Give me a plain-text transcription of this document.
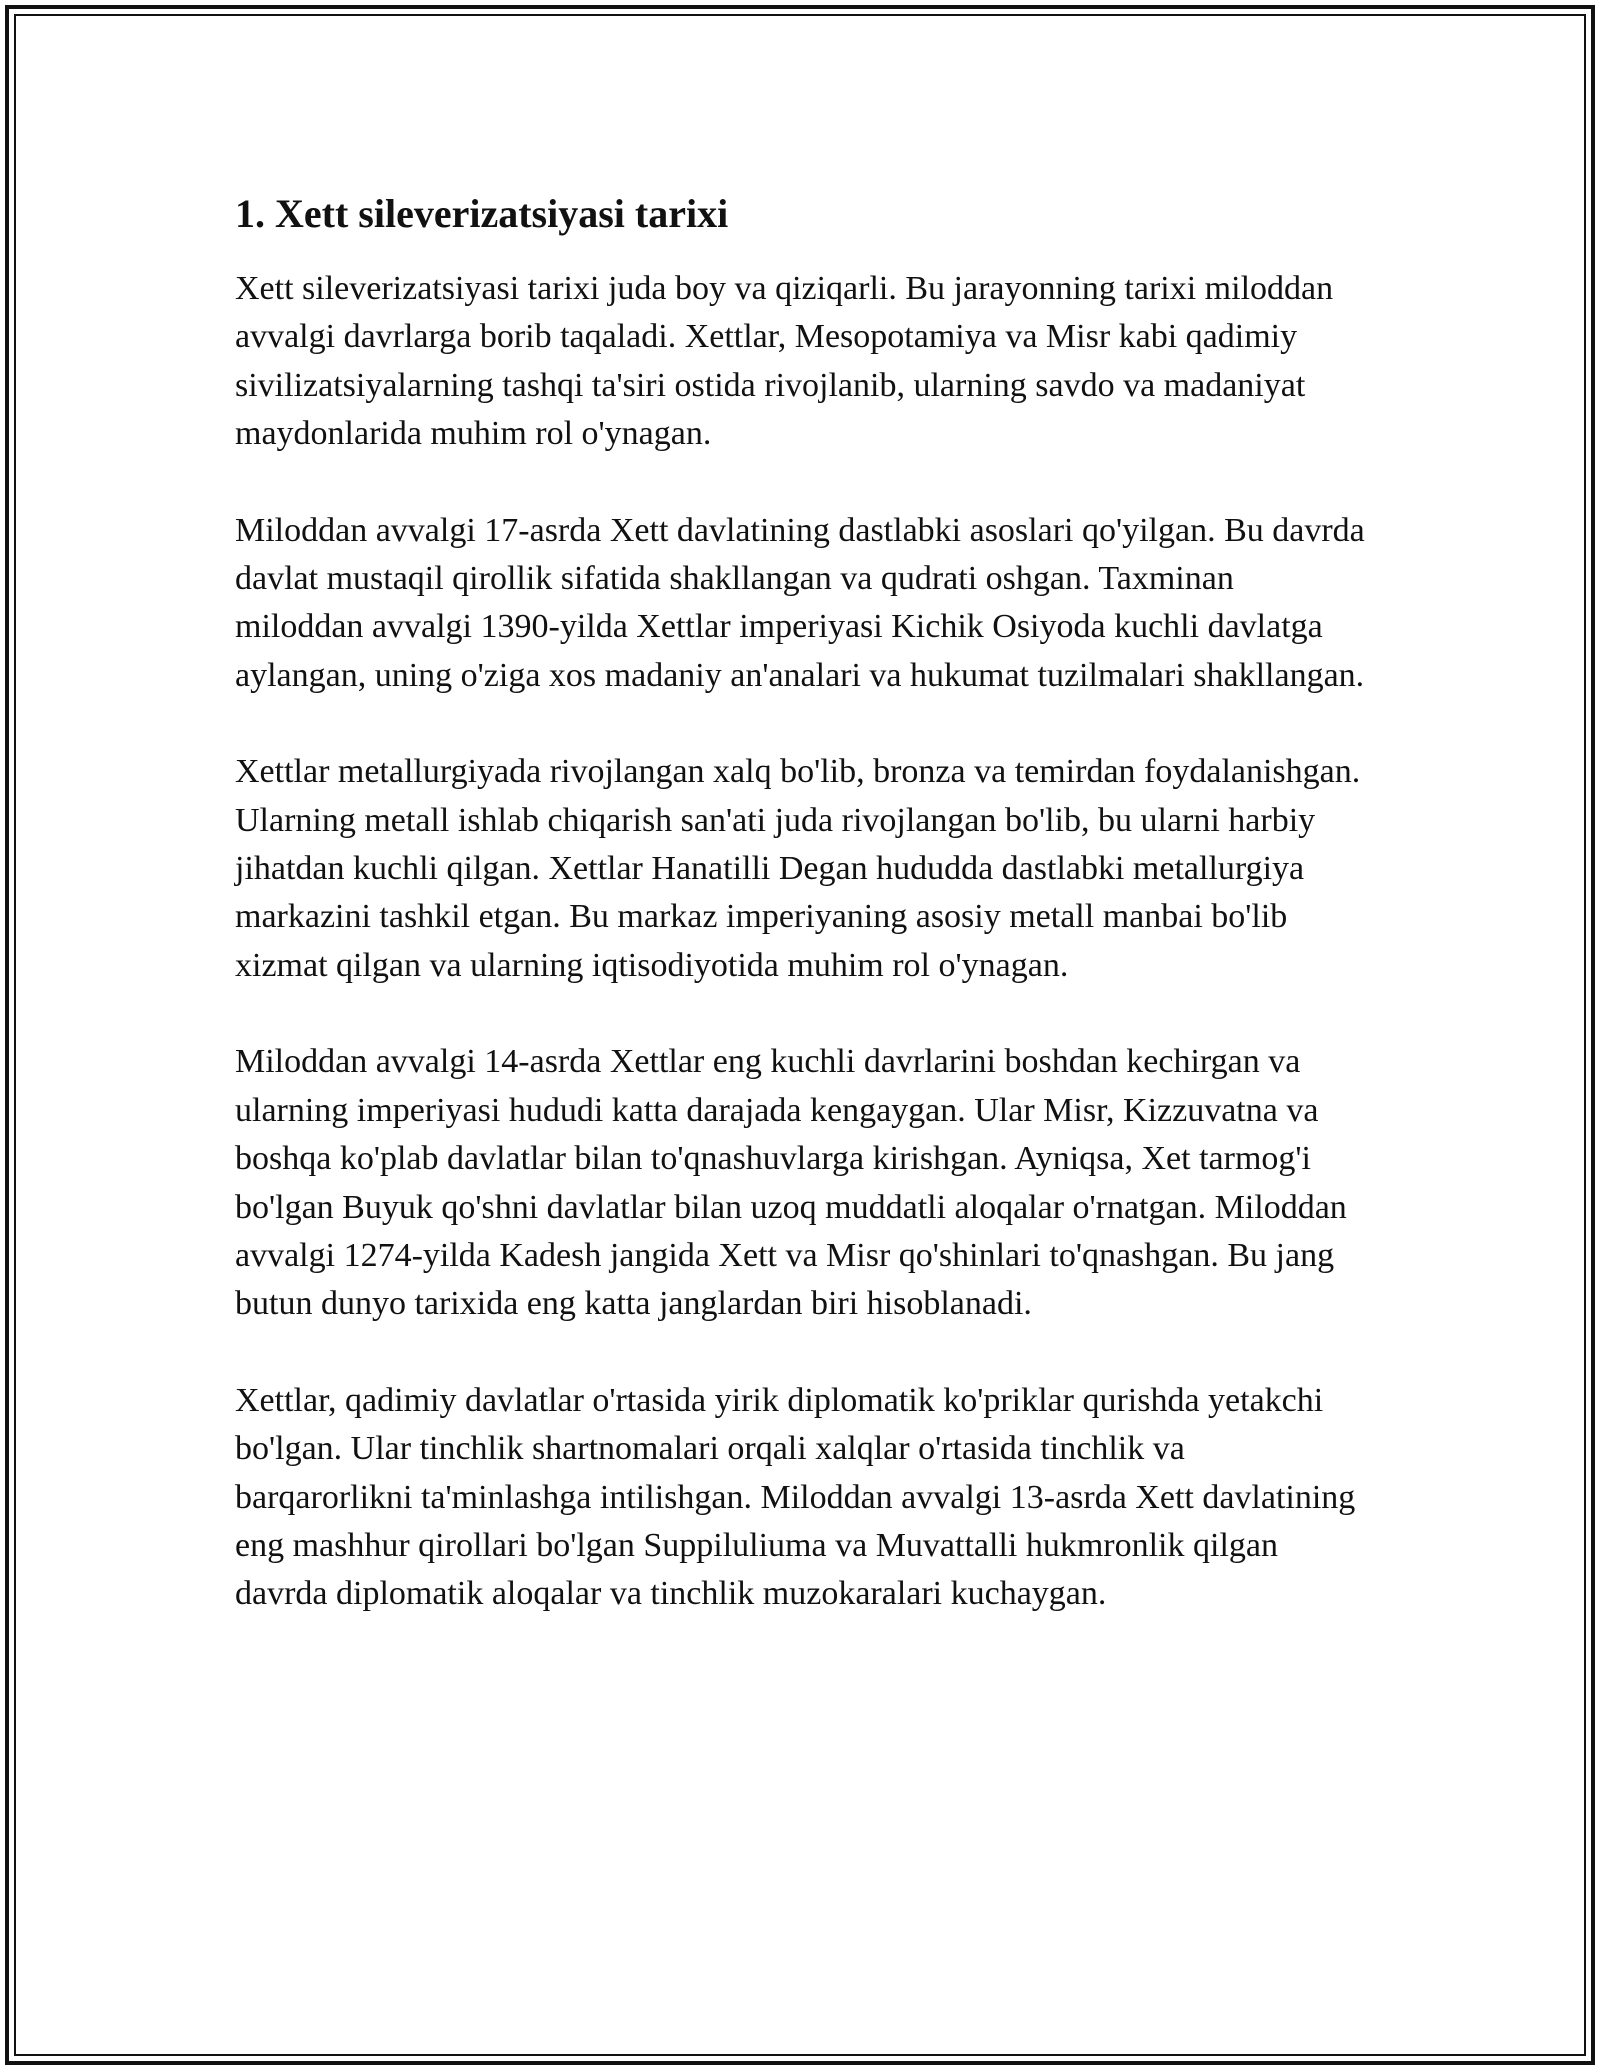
1. Xett sileverizatsiyasi tarixi

Xett sileverizatsiyasi tarixi juda boy va qiziqarli. Bu jarayonning tarixi miloddan avvalgi davrlarga borib taqaladi. Xettlar, Mesopotamiya va Misr kabi qadimiy sivilizatsiyalarning tashqi ta'siri ostida rivojlanib, ularning savdo va madaniyat maydonlarida muhim rol o'ynagan.

Miloddan avvalgi 17-asrda Xett davlatining dastlabki asoslari qo'yilgan. Bu davrda davlat mustaqil qirollik sifatida shakllangan va qudrati oshgan. Taxminan miloddan avvalgi 1390-yilda Xettlar imperiyasi Kichik Osiyoda kuchli davlatga aylangan, uning o'ziga xos madaniy an'analari va hukumat tuzilmalari shakllangan.

Xettlar metallurgiyada rivojlangan xalq bo'lib, bronza va temirdan foydalanishgan. Ularning metall ishlab chiqarish san'ati juda rivojlangan bo'lib, bu ularni harbiy jihatdan kuchli qilgan. Xettlar Hanatilli Degan hududda dastlabki metallurgiya markazini tashkil etgan. Bu markaz imperiyaning asosiy metall manbai bo'lib xizmat qilgan va ularning iqtisodiyotida muhim rol o'ynagan.

Miloddan avvalgi 14-asrda Xettlar eng kuchli davrlarini boshdan kechirgan va ularning imperiyasi hududi katta darajada kengaygan. Ular Misr, Kizzuvatna va boshqa ko'plab davlatlar bilan to'qnashuvlarga kirishgan. Ayniqsa, Xet tarmog'i bo'lgan Buyuk qo'shni davlatlar bilan uzoq muddatli aloqalar o'rnatgan. Miloddan avvalgi 1274-yilda Kadesh jangida Xett va Misr qo'shinlari to'qnashgan. Bu jang butun dunyo tarixida eng katta janglardan biri hisoblanadi.

Xettlar, qadimiy davlatlar o'rtasida yirik diplomatik ko'priklar qurishda yetakchi bo'lgan. Ular tinchlik shartnomalari orqali xalqlar o'rtasida tinchlik va barqarorlikni ta'minlashga intilishgan. Miloddan avvalgi 13-asrda Xett davlatining eng mashhur qirollari bo'lgan Suppiluliuma va Muvattalli hukmronlik qilgan davrda diplomatik aloqalar va tinchlik muzokaralari kuchaygan.
